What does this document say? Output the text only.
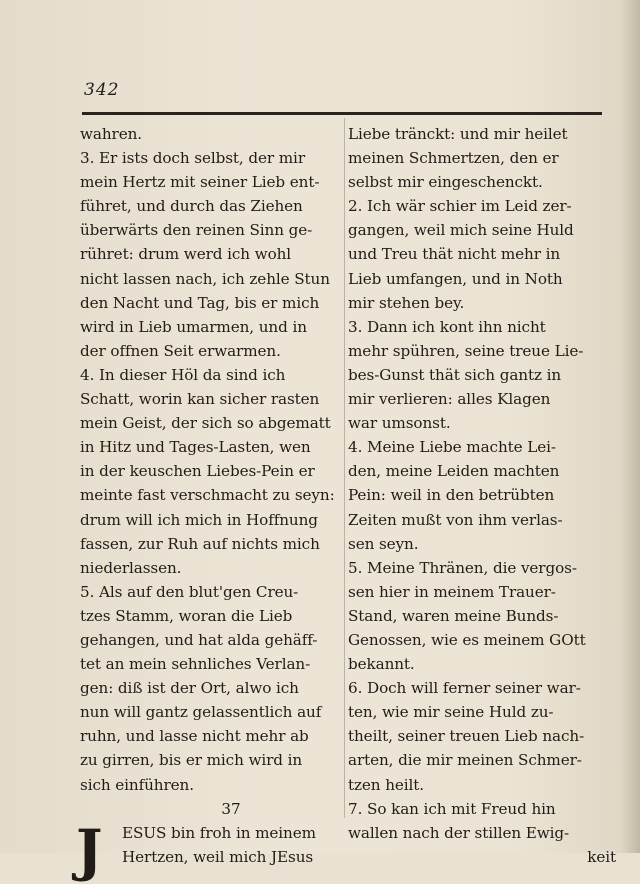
342
wahren.
3. Er ists doch selbst, der mir
mein Hertz mit seiner Lieb ent-
führet, und durch das Ziehen
überwärts den reinen Sinn ge-
rühret: drum werd ich wohl
nicht lassen nach, ich zehle Stun
den Nacht und Tag, bis er mich
wird in Lieb umarmen, und in
der offnen Seit erwarmen.
4. In dieser Höl da sind ich
Schatt, worin kan sicher rasten
mein Geist, der sich so abgematt
in Hitz und Tages-Lasten, wen
in der keuschen Liebes-Pein er
meinte fast verschmacht zu seyn:
drum will ich mich in Hoffnung
fassen, zur Ruh auf nichts mich
niederlassen.
5. Als auf den blut'gen Creu-
tzes Stamm, woran die Lieb
gehangen, und hat alda gehäff-
tet an mein sehnliches Verlan-
gen: diß ist der Ort, alwo ich
nun will gantz gelassentlich auf
ruhn, und lasse nicht mehr ab
zu girren, bis er mich wird in
sich einführen.
37
J	ESUS bin froh in meinem
Hertzen, weil mich JEsus
Liebe tränckt: und mir heilet
meinen Schmertzen, den er
selbst mir eingeschenckt.
2. Ich wär schier im Leid zer-
gangen, weil mich seine Huld
und Treu thät nicht mehr in
Lieb umfangen, und in Noth
mir stehen bey.
3. Dann ich kont ihn nicht
mehr spühren, seine treue Lie-
bes-Gunst thät sich gantz in
mir verlieren: alles Klagen
war umsonst.
4. Meine Liebe machte Lei-
den, meine Leiden machten
Pein: weil in den betrübten
Zeiten mußt von ihm verlas-
sen seyn.
5. Meine Thränen, die vergos-
sen hier in meinem Trauer-
Stand, waren meine Bunds-
Genossen, wie es meinem GOtt
bekannt.
6. Doch will ferner seiner war-
ten, wie mir seine Huld zu-
theilt, seiner treuen Lieb nach-
arten, die mir meinen Schmer-
tzen heilt.
7. So kan ich mit Freud hin
wallen nach der stillen Ewig-
keit
